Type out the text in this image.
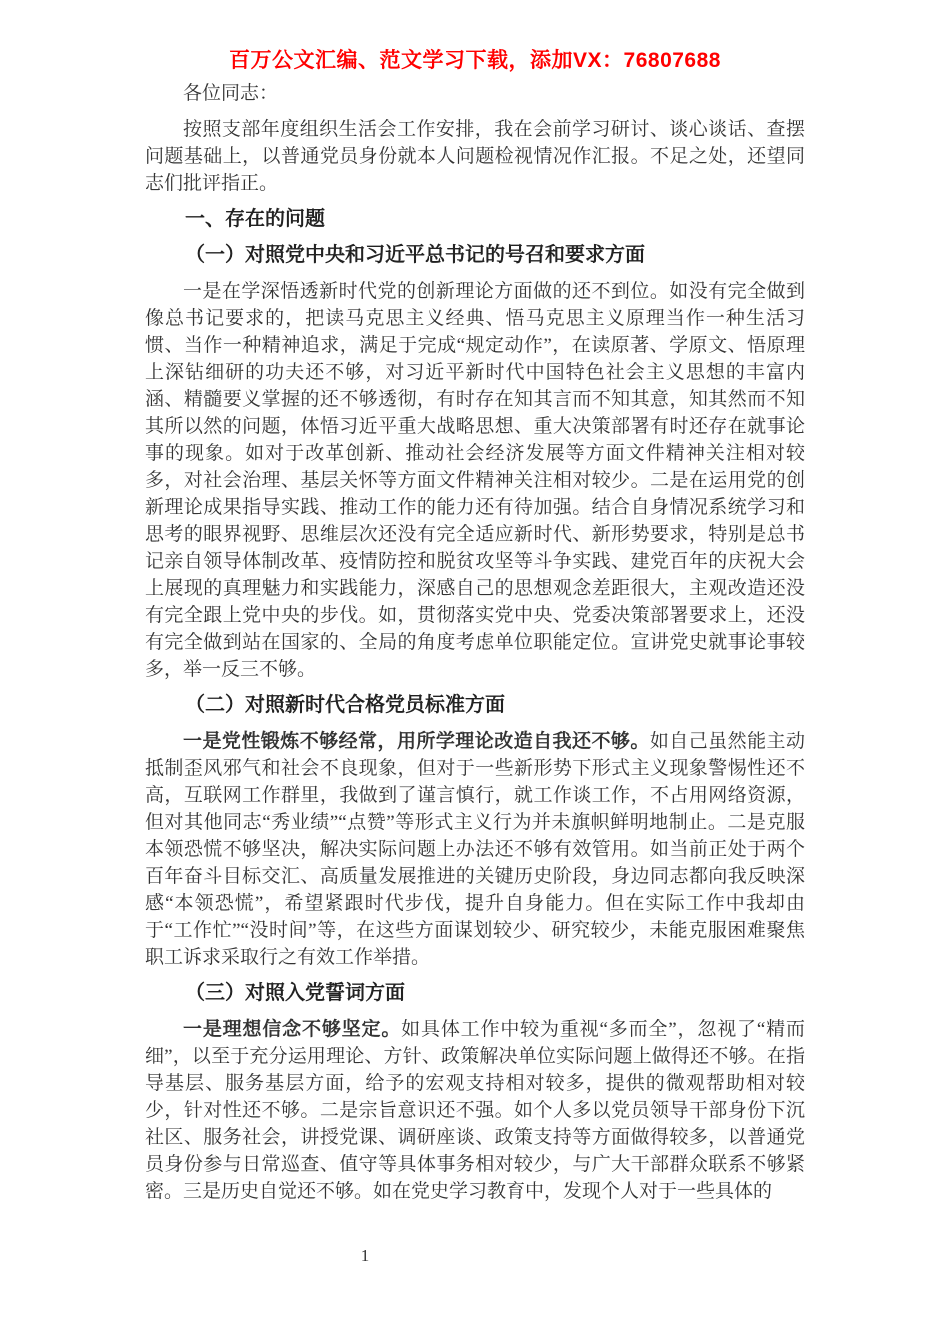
百万公文汇编、范文学习下载，添加VX：76807688
各位同志：
按照支部年度组织生活会工作安排，我在会前学习研讨、谈心谈话、查摆问题基础上，以普通党员身份就本人问题检视情况作汇报。不足之处，还望同志们批评指正。
一、存在的问题
（一）对照党中央和习近平总书记的号召和要求方面
一是在学深悟透新时代党的创新理论方面做的还不到位。如没有完全做到像总书记要求的，把读马克思主义经典、悟马克思主义原理当作一种生活习惯、当作一种精神追求，满足于完成“规定动作”，在读原著、学原文、悟原理上深钻细研的功夫还不够，对习近平新时代中国特色社会主义思想的丰富内涵、精髓要义掌握的还不够透彻，有时存在知其言而不知其意，知其然而不知其所以然的问题，体悟习近平重大战略思想、重大决策部署有时还存在就事论事的现象。如对于改革创新、推动社会经济发展等方面文件精神关注相对较多，对社会治理、基层关怀等方面文件精神关注相对较少。二是在运用党的创新理论成果指导实践、推动工作的能力还有待加强。结合自身情况系统学习和思考的眼界视野、思维层次还没有完全适应新时代、新形势要求，特别是总书记亲自领导体制改革、疫情防控和脱贫攻坚等斗争实践、建党百年的庆祝大会上展现的真理魅力和实践能力，深感自己的思想观念差距很大，主观改造还没有完全跟上党中央的步伐。如，贯彻落实党中央、党委决策部署要求上，还没有完全做到站在国家的、全局的角度考虑单位职能定位。宣讲党史就事论事较多，举一反三不够。
（二）对照新时代合格党员标准方面
一是党性锻炼不够经常，用所学理论改造自我还不够。如自己虽然能主动抵制歪风邪气和社会不良现象，但对于一些新形势下形式主义现象警惕性还不高，互联网工作群里，我做到了谨言慎行，就工作谈工作，不占用网络资源，但对其他同志“秀业绩”“点赞”等形式主义行为并未旗帜鲜明地制止。二是克服本领恐慌不够坚决，解决实际问题上办法还不够有效管用。如当前正处于两个百年奋斗目标交汇、高质量发展推进的关键历史阶段，身边同志都向我反映深感“本领恐慌”，希望紧跟时代步伐，提升自身能力。但在实际工作中我却由于“工作忙”“没时间”等，在这些方面谋划较少、研究较少，未能克服困难聚焦职工诉求采取行之有效工作举措。
（三）对照入党誓词方面
一是理想信念不够坚定。如具体工作中较为重视“多而全”，忽视了“精而细”，以至于充分运用理论、方针、政策解决单位实际问题上做得还不够。在指导基层、服务基层方面，给予的宏观支持相对较多，提供的微观帮助相对较少，针对性还不够。二是宗旨意识还不强。如个人多以党员领导干部身份下沉社区、服务社会，讲授党课、调研座谈、政策支持等方面做得较多，以普通党员身份参与日常巡查、值守等具体事务相对较少，与广大干部群众联系不够紧密。三是历史自觉还不够。如在党史学习教育中，发现个人对于一些具体的
1
